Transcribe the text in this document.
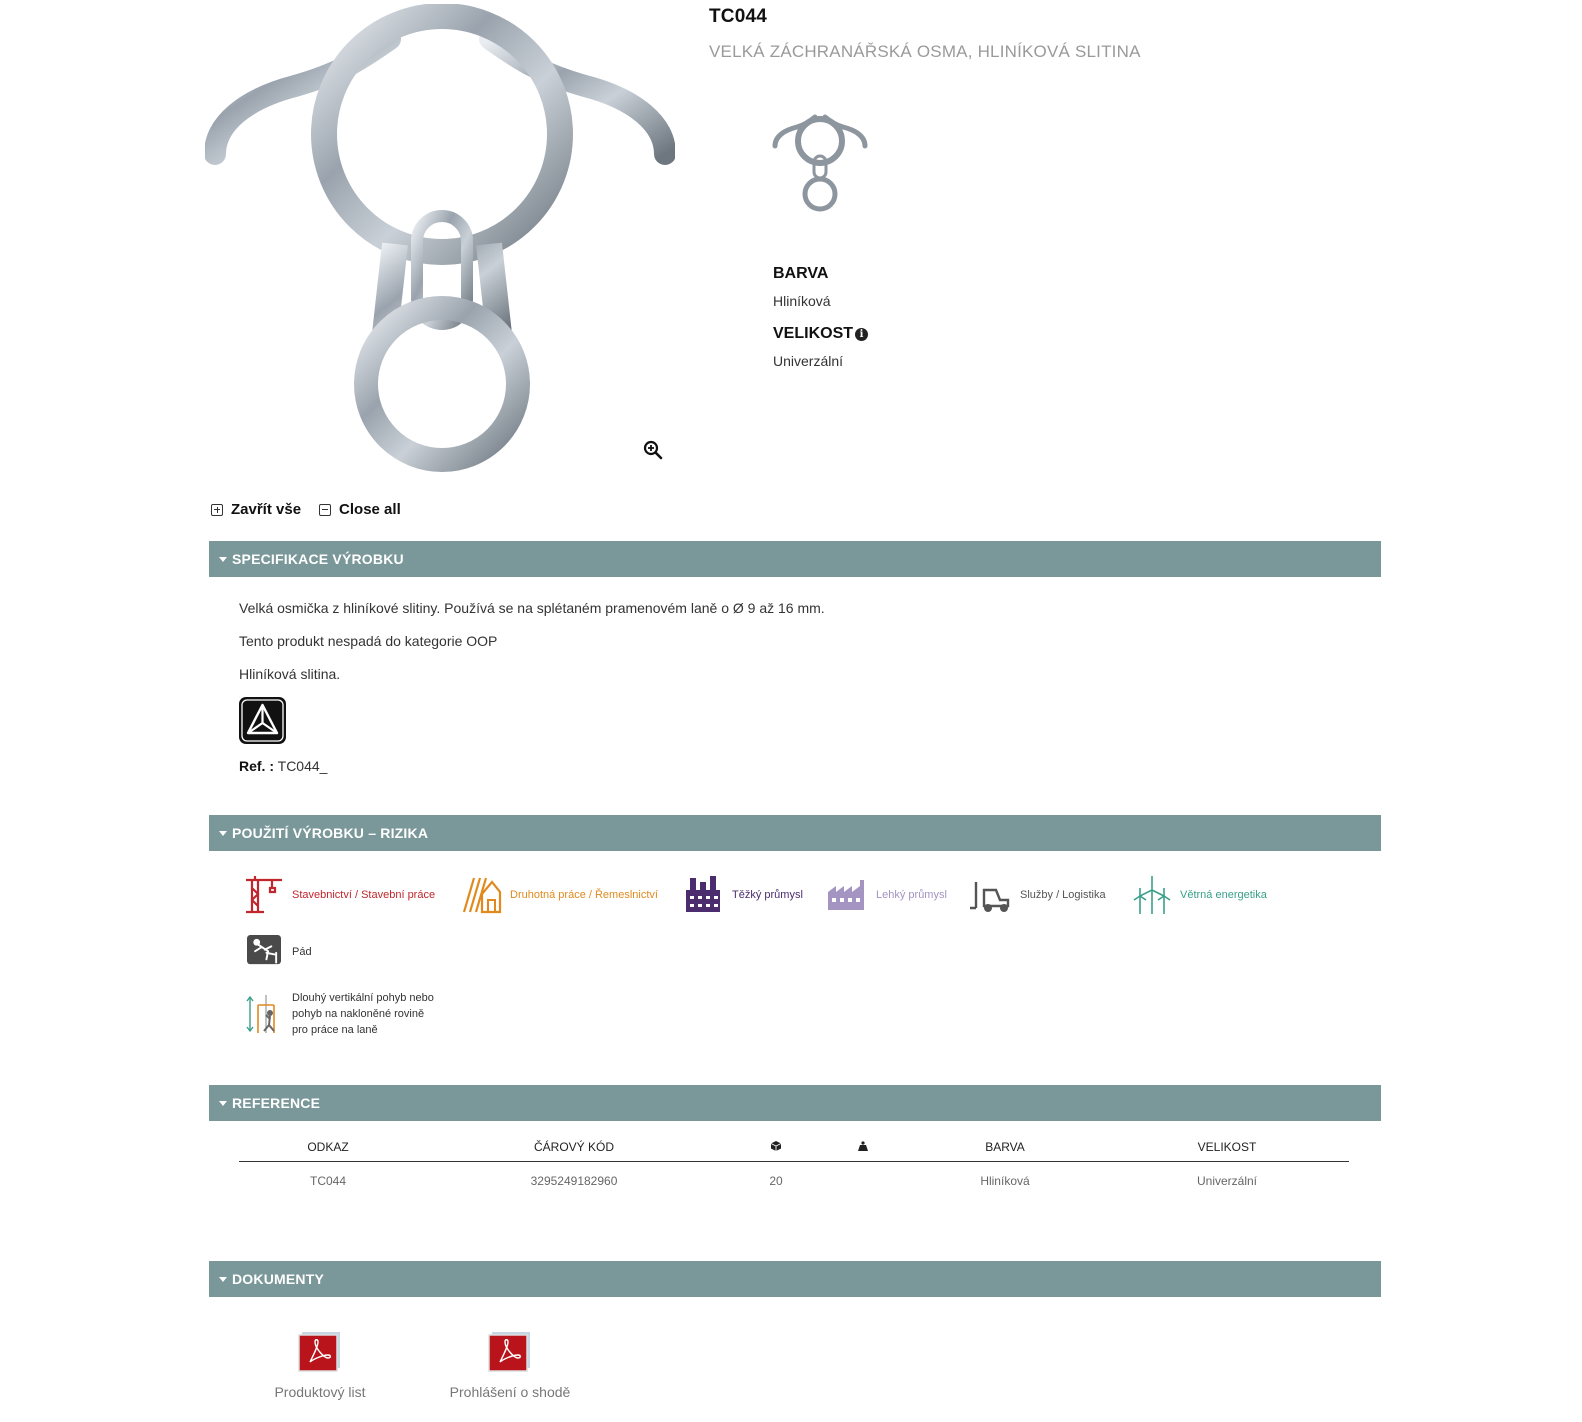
TC044
VELKÁ ZÁCHRANÁŘSKÁ OSMA, HLINÍKOVÁ SLITINA
BARVA
Hliníková
VELIKOST i
Univerzální
Zavřít vše	Close all
SPECIFIKACE VÝROBKU
Velká osmička z hliníkové slitiny. Používá se na splétaném pramenovém laně o Ø 9 až 16 mm.
Tento produkt nespadá do kategorie OOP
Hliníková slitina.
Ref. : TC044_
POUŽITÍ VÝROBKU – RIZIKA
Stavebnictví / Stavební práce	Druhotná práce / Řemeslnictví	Těžký průmysl	Lehký průmysl	Služby / Logistika	Větrná energetika
Pád
Dlouhý vertikální pohyb nebo pohyb na nakloněné rovině pro práce na laně
REFERENCE
ODKAZ	ČÁROVÝ KÓD			BARVA	VELIKOST
TC044	3295249182960	20		Hliníková	Univerzální
DOKUMENTY
Produktový list	Prohlášení o shodě
